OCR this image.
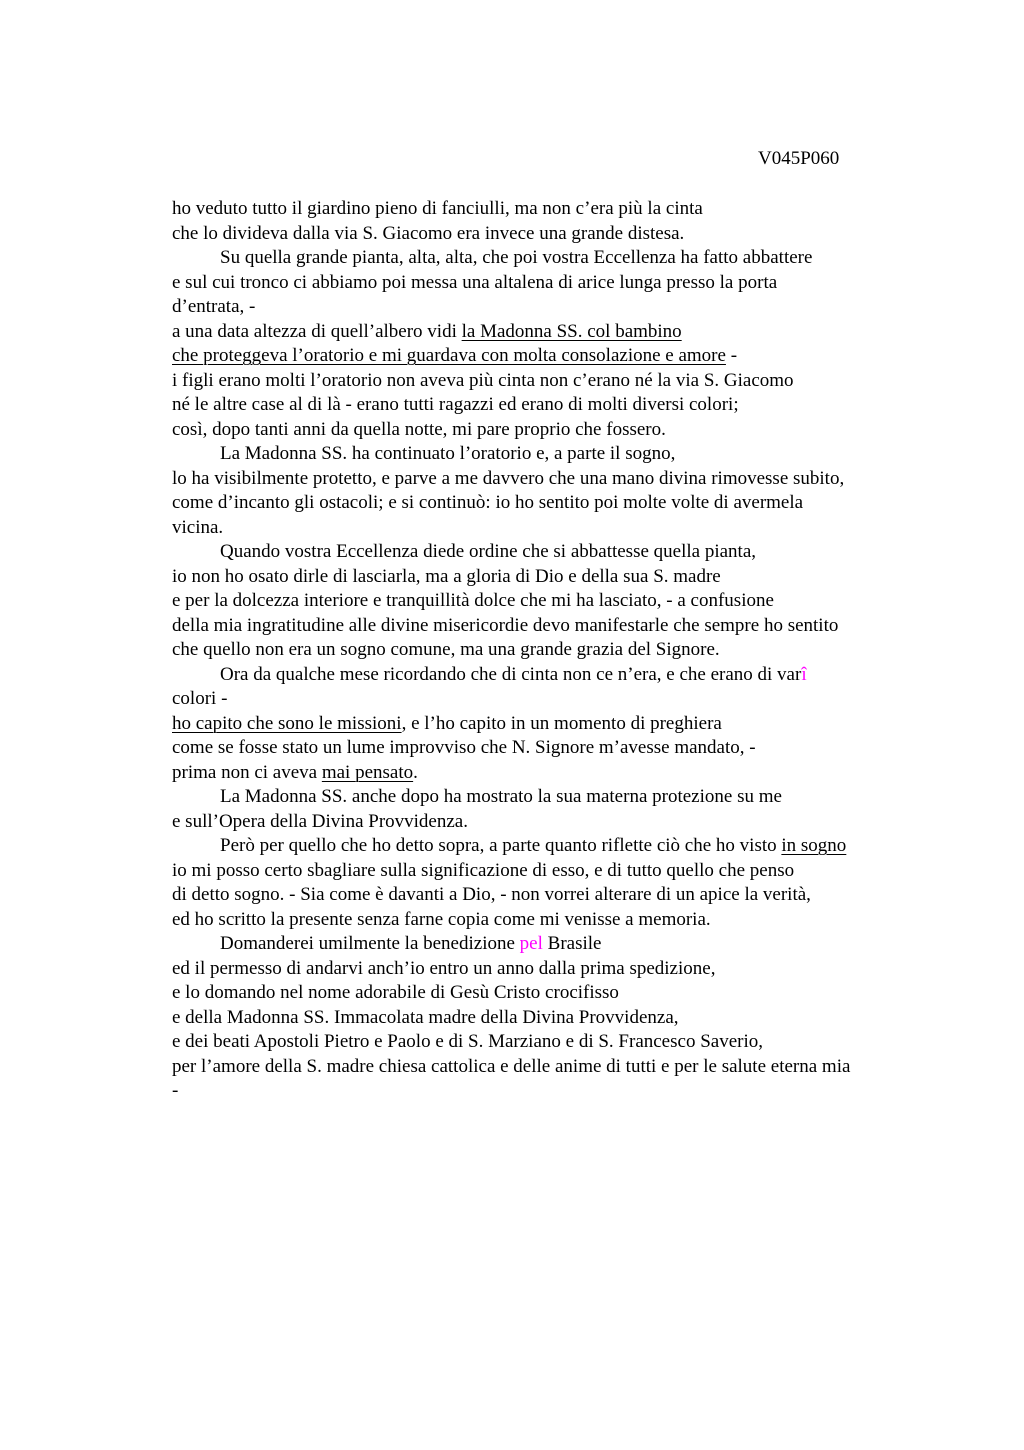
V045P060
ho veduto tutto il giardino pieno di fanciulli, ma non c’era più la cinta
che lo divideva dalla via S. Giacomo era invece una grande distesa.
Su quella grande pianta, alta, alta, che poi vostra Eccellenza ha fatto abbattere
e sul cui tronco ci abbiamo poi messa una altalena di arice lunga presso la porta
d’entrata, -
a una data altezza di quell’albero vidi la Madonna SS. col bambino
che proteggeva l’oratorio e mi guardava con molta consolazione e amore -
i figli erano molti l’oratorio non aveva più cinta non c’erano né la via S. Giacomo
né le altre case al di là - erano tutti ragazzi ed erano di molti diversi colori;
così, dopo tanti anni da quella notte, mi pare proprio che fossero.
La Madonna SS. ha continuato l’oratorio e, a parte il sogno,
lo ha visibilmente protetto, e parve a me davvero che una mano divina rimovesse subito,
come d’incanto gli ostacoli; e si continuò: io ho sentito poi molte volte di avermela
vicina.
Quando vostra Eccellenza diede ordine che si abbattesse quella pianta,
io non ho osato dirle di lasciarla, ma a gloria di Dio e della sua S. madre
e per la dolcezza interiore e tranquillità dolce che mi ha lasciato, - a confusione
della mia ingratitudine alle divine misericordie devo manifestarle che sempre ho sentito
che quello non era un sogno comune, ma una grande grazia del Signore.
Ora da qualche mese ricordando che di cinta non ce n’era, e che erano di varî
colori -
ho capito che sono le missioni, e l’ho capito in un momento di preghiera
come se fosse stato un lume improvviso che N. Signore m’avesse mandato, -
prima non ci aveva mai pensato.
La Madonna SS. anche dopo ha mostrato la sua materna protezione su me
e sull’Opera della Divina Provvidenza.
Però per quello che ho detto sopra, a parte quanto riflette ciò che ho visto in sogno
io mi posso certo sbagliare sulla significazione di esso, e di tutto quello che penso
di detto sogno. - Sia come è davanti a Dio, - non vorrei alterare di un apice la verità,
ed ho scritto la presente senza farne copia come mi venisse a memoria.
Domanderei umilmente la benedizione pel Brasile
ed il permesso di andarvi anch’io entro un anno dalla prima spedizione,
e lo domando nel nome adorabile di Gesù Cristo crocifisso
e della Madonna SS. Immacolata madre della Divina Provvidenza,
e dei beati Apostoli Pietro e Paolo e di S. Marziano e di S. Francesco Saverio,
per l’amore della S. madre chiesa cattolica e delle anime di tutti e per le salute eterna mia
-
